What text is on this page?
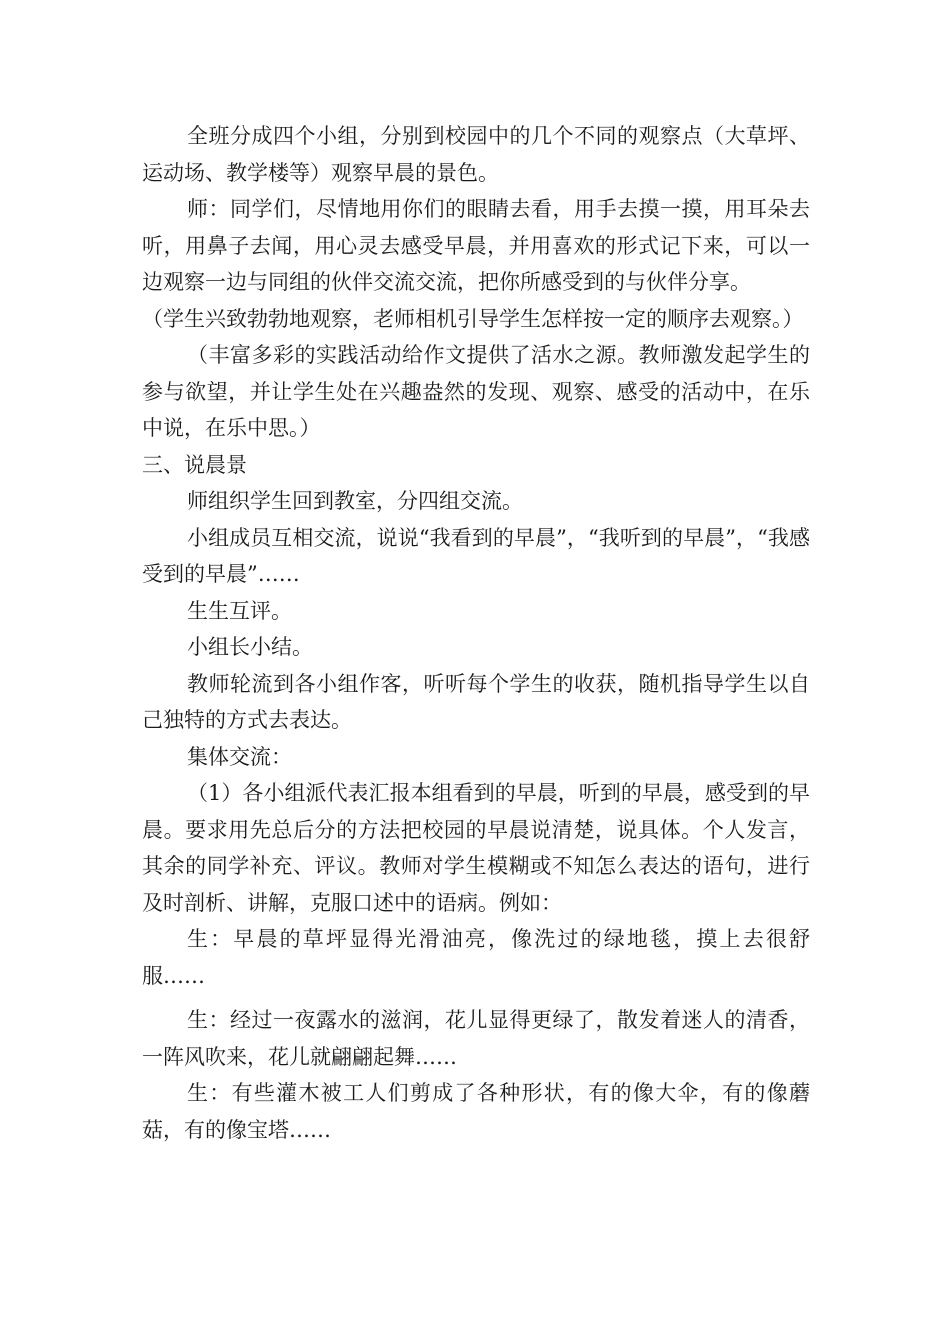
全班分成四个小组，分别到校园中的几个不同的观察点（大草坪、运动场、教学楼等）观察早晨的景色。

师：同学们，尽情地用你们的眼睛去看，用手去摸一摸，用耳朵去听，用鼻子去闻，用心灵去感受早晨，并用喜欢的形式记下来，可以一边观察一边与同组的伙伴交流交流，把你所感受到的与伙伴分享。

（学生兴致勃勃地观察，老师相机引导学生怎样按一定的顺序去观察。）

（丰富多彩的实践活动给作文提供了活水之源。教师激发起学生的参与欲望，并让学生处在兴趣盎然的发现、观察、感受的活动中，在乐中说，在乐中思。）

三、说晨景

师组织学生回到教室，分四组交流。

小组成员互相交流，说说“我看到的早晨”，“我听到的早晨”，“我感受到的早晨”……

生生互评。

小组长小结。

教师轮流到各小组作客，听听每个学生的收获，随机指导学生以自己独特的方式去表达。

集体交流：

（1）各小组派代表汇报本组看到的早晨，听到的早晨，感受到的早晨。要求用先总后分的方法把校园的早晨说清楚，说具体。个人发言，其余的同学补充、评议。教师对学生模糊或不知怎么表达的语句，进行及时剖析、讲解，克服口述中的语病。例如：

生：早晨的草坪显得光滑油亮，像洗过的绿地毯，摸上去很舒服……

生：经过一夜露水的滋润，花儿显得更绿了，散发着迷人的清香，一阵风吹来，花儿就翩翩起舞……

生：有些灌木被工人们剪成了各种形状，有的像大伞，有的像蘑菇，有的像宝塔……
